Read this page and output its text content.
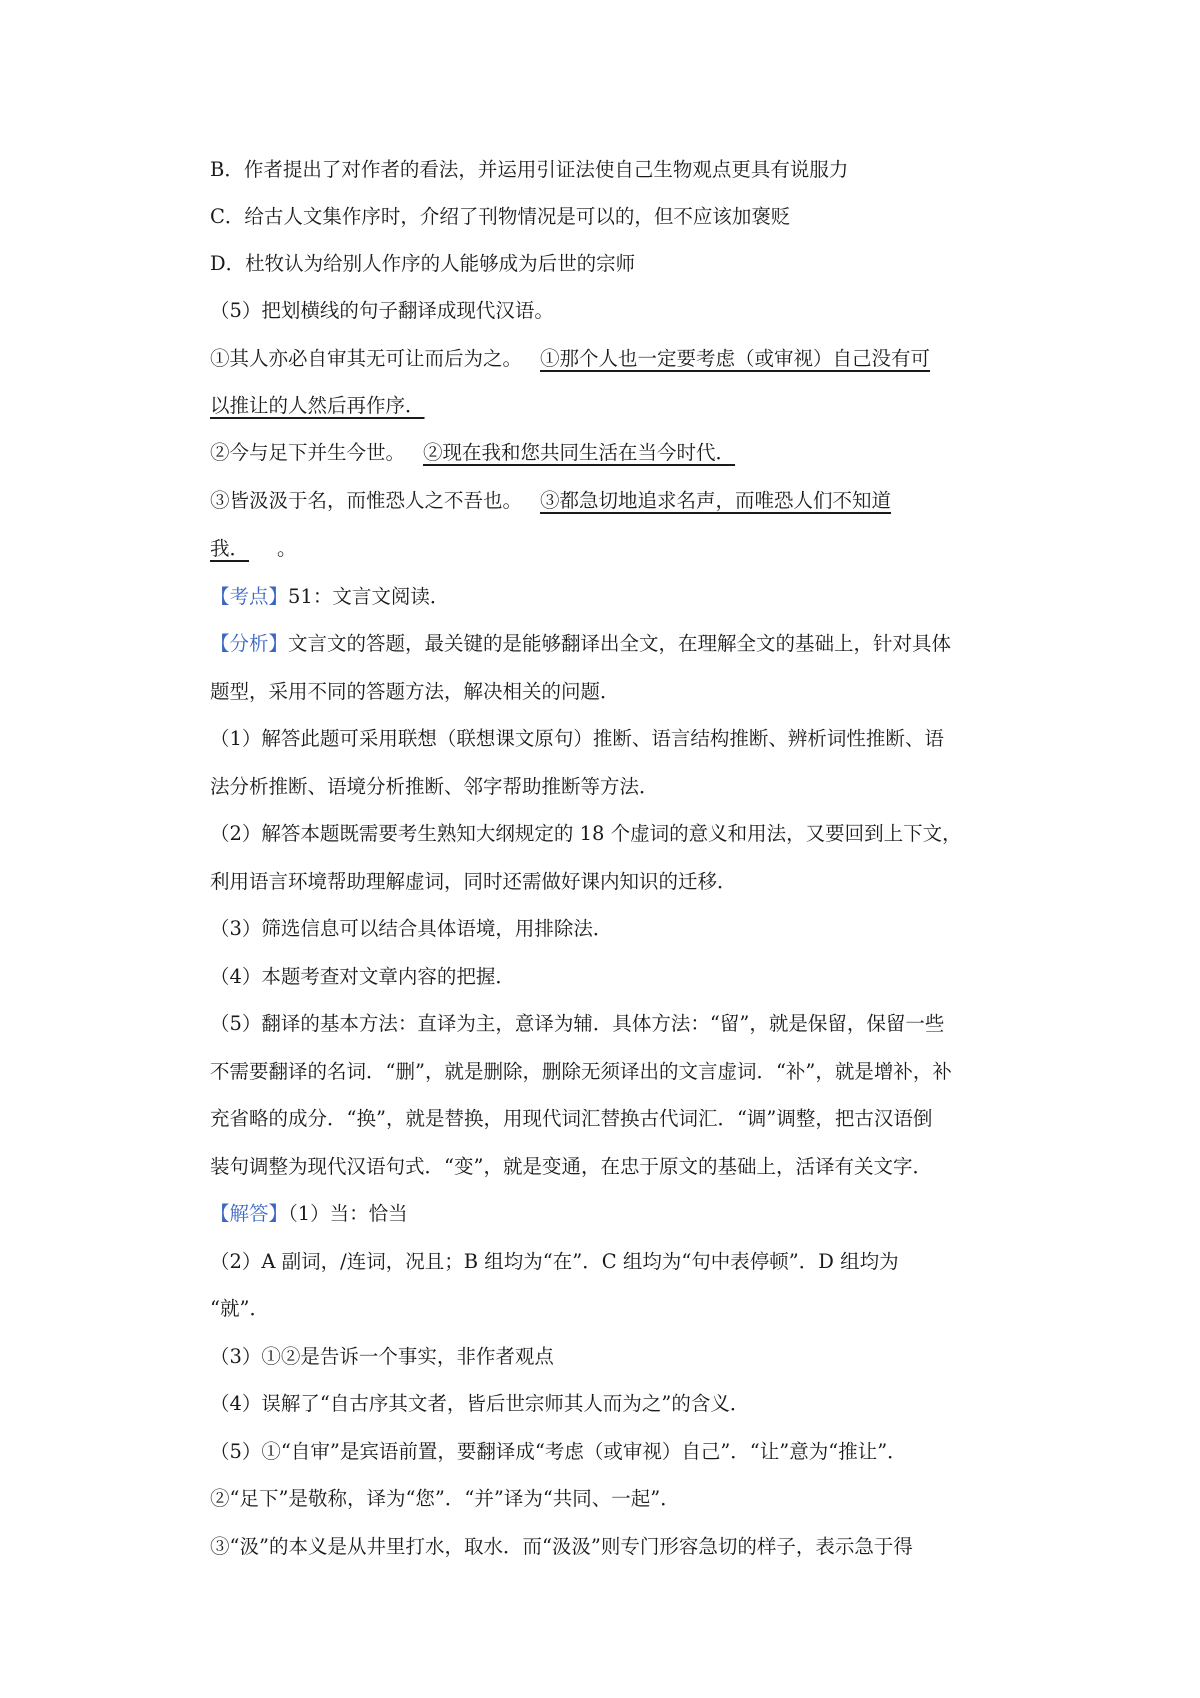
B．作者提出了对作者的看法，并运用引证法使自己生物观点更具有说服力
C．给古人文集作序时，介绍了刊物情况是可以的，但不应该加褒贬
D．杜牧认为给别人作序的人能够成为后世的宗师
（5）把划横线的句子翻译成现代汉语。
①其人亦必自审其无可让而后为之。 ①那个人也一定要考虑（或审视）自己没有可
以推让的人然后再作序．
②今与足下并生今世。 ②现在我和您共同生活在当今时代．
③皆汲汲于名，而惟恐人之不吾也。 ③都急切地追求名声，而唯恐人们不知道
我． 。
【考点】51：文言文阅读．
【分析】文言文的答题，最关键的是能够翻译出全文，在理解全文的基础上，针对具体
题型，采用不同的答题方法，解决相关的问题．
（1）解答此题可采用联想（联想课文原句）推断、语言结构推断、辨析词性推断、语
法分析推断、语境分析推断、邻字帮助推断等方法．
（2）解答本题既需要考生熟知大纲规定的 18 个虚词的意义和用法，又要回到上下文，
利用语言环境帮助理解虚词，同时还需做好课内知识的迁移．
（3）筛选信息可以结合具体语境，用排除法．
（4）本题考查对文章内容的把握．
（5）翻译的基本方法：直译为主，意译为辅．具体方法：“留”，就是保留，保留一些
不需要翻译的名词．“删”，就是删除，删除无须译出的文言虚词．“补”，就是增补，补
充省略的成分．“换”，就是替换，用现代词汇替换古代词汇．“调”调整，把古汉语倒
装句调整为现代汉语句式．“变”，就是变通，在忠于原文的基础上，活译有关文字．
【解答】（1）当：恰当
（2）A 副词，/连词，况且；B 组均为“在”．C 组均为“句中表停顿”．D 组均为
“就”．
（3）①②是告诉一个事实，非作者观点
（4）误解了“自古序其文者，皆后世宗师其人而为之”的含义．
（5）①“自审”是宾语前置，要翻译成“考虑（或审视）自己”．“让”意为“推让”．
②“足下”是敬称，译为“您”．“并”译为“共同、一起”．
③“汲”的本义是从井里打水，取水．而“汲汲”则专门形容急切的样子，表示急于得
